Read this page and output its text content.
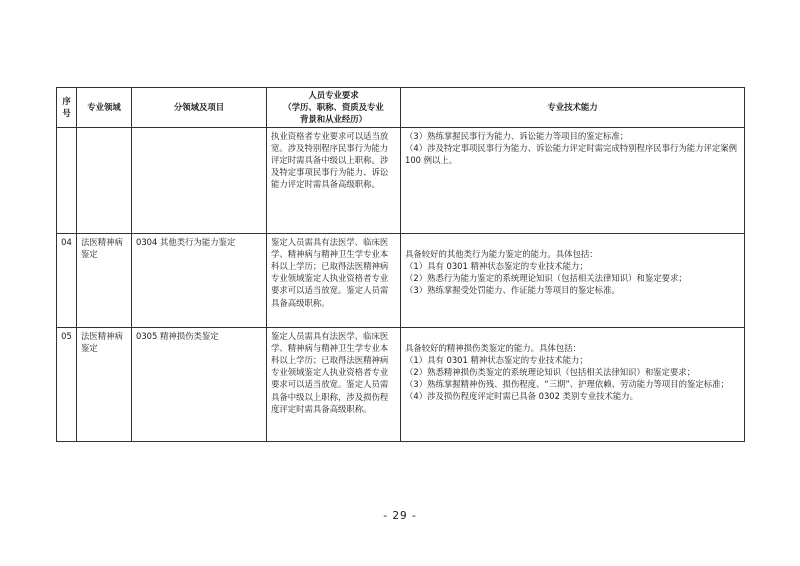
序号	专业领域	分领域及项目	人员专业要求
（学历、职称、资质及专业
背景和从业经历）	专业技术能力
			执业资格者专业要求可以适当放宽。涉及特别程序民事行为能力评定时需具备中级以上职称。涉及特定事项民事行为能力、诉讼能力评定时需具备高级职称。	（3）熟练掌握民事行为能力、诉讼能力等项目的鉴定标准；
（4）涉及特定事项民事行为能力、诉讼能力评定时需完成特别程序民事行为能力评定案例 100 例以上。

04	法医精神病鉴定	0304 其他类行为能力鉴定	鉴定人员需具有法医学、临床医学、精神病与精神卫生学专业本科以上学历；已取得法医精神病专业领域鉴定人执业资格者专业要求可以适当放宽。鉴定人员需具备高级职称。	具备较好的其他类行为能力鉴定的能力。具体包括：
（1）具有 0301 精神状态鉴定的专业技术能力；
（2）熟悉行为能力鉴定的系统理论知识（包括相关法律知识）和鉴定要求；
（3）熟练掌握受处罚能力、作证能力等项目的鉴定标准。

05	法医精神病鉴定	0305 精神损伤类鉴定	鉴定人员需具有法医学、临床医学、精神病与精神卫生学专业本科以上学历；已取得法医精神病专业领域鉴定人执业资格者专业要求可以适当放宽。鉴定人员需具备中级以上职称，涉及损伤程度评定时需具备高级职称。	具备较好的精神损伤类鉴定的能力。具体包括：
（1）具有 0301 精神状态鉴定的专业技术能力；
（2）熟悉精神损伤类鉴定的系统理论知识（包括相关法律知识）和鉴定要求；
（3）熟练掌握精神伤残、损伤程度、“三期”、护理依赖、劳动能力等项目的鉴定标准；
（4）涉及损伤程度评定时需已具备 0302 类别专业技术能力。
- 29 -
